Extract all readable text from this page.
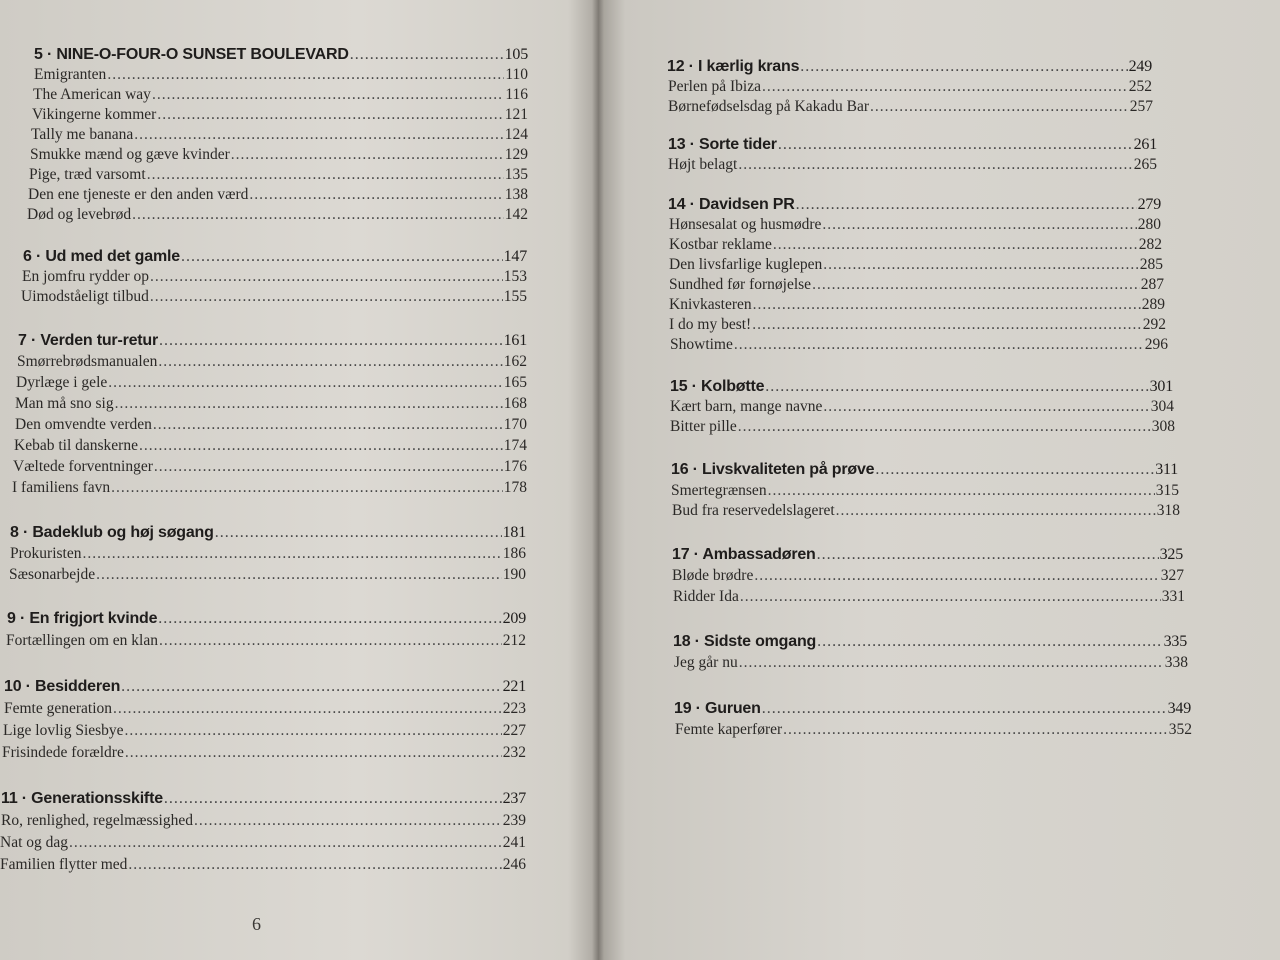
5 · NINE-O-FOUR-O SUNSET BOULEVARD .....	105
Emigranten .....	110
The American way .....	116
Vikingerne kommer .....	121
Tally me banana .....	124
Smukke mænd og gæve kvinder .....	129
Pige, træd varsomt .....	135
Den ene tjeneste er den anden værd .....	138
Død og levebrød .....	142
6 · Ud med det gamle .....	147
En jomfru rydder op .....	153
Uimodståeligt tilbud .....	155
7 · Verden tur-retur .....	161
Smørrebrødsmanualen .....	162
Dyrlæge i gele .....	165
Man må sno sig .....	168
Den omvendte verden .....	170
Kebab til danskerne .....	174
Væltede forventninger .....	176
I familiens favn .....	178
8 · Badeklub og høj søgang .....	181
Prokuristen .....	186
Sæsonarbejde .....	190
9 · En frigjort kvinde .....	209
Fortællingen om en klan .....	212
10 · Besidderen .....	221
Femte generation .....	223
Lige lovlig Siesbye .....	227
Frisindede forældre .....	232
11 · Generationsskifte .....	237
Ro, renlighed, regelmæssighed .....	239
Nat og dag .....	241
Familien flytter med .....	246
12 · I kærlig krans .....	249
Perlen på Ibiza .....	252
Børnefødselsdag på Kakadu Bar .....	257
13 · Sorte tider .....	261
Højt belagt .....	265
14 · Davidsen PR .....	279
Hønsesalat og husmødre .....	280
Kostbar reklame .....	282
Den livsfarlige kuglepen .....	285
Sundhed før fornøjelse .....	287
Knivkasteren .....	289
I do my best! .....	292
Showtime .....	296
15 · Kolbøtte .....	301
Kært barn, mange navne .....	304
Bitter pille .....	308
16 · Livskvaliteten på prøve .....	311
Smertegrænsen .....	315
Bud fra reservedelslageret .....	318
17 · Ambassadøren .....	325
Bløde brødre .....	327
Ridder Ida .....	331
18 · Sidste omgang .....	335
Jeg går nu .....	338
19 · Guruen .....	349
Femte kaperfører .....	352
6
